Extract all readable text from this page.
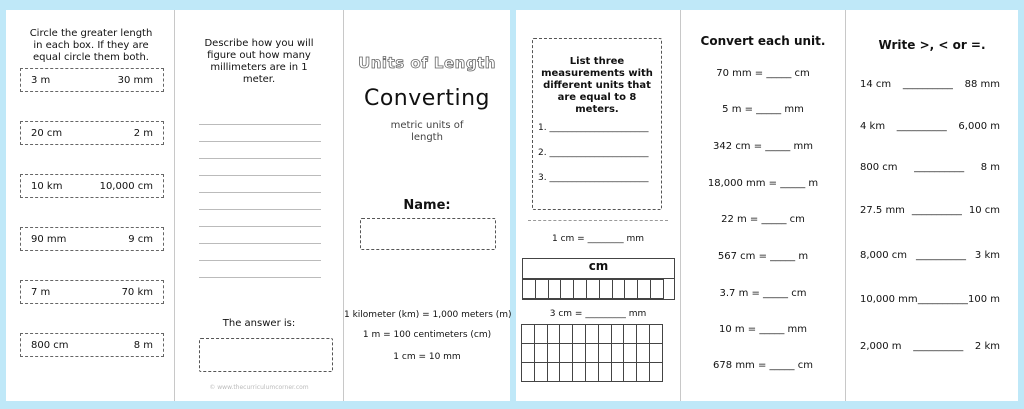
Circle the greater length in each box. If they are equal circle them both.
3 m	30 mm
20 cm	2 m
10 km	10,000 cm
90 mm	9 cm
7 m	70 km
800 cm	8 m
Describe how you will figure out how many millimeters are in 1 meter.
The answer is:
© www.thecurriculumcorner.com
Units of Length
Converting
metric units of length
Name:
1 kilometer (km) = 1,000 meters (m)
1 m = 100 centimeters (cm)
1 cm = 10 mm
List three measurements with different units that are equal to 8 meters.
1. ______________________
2. ______________________
3. ______________________
1 cm = ________ mm
cm
3 cm = _________ mm
Convert each unit.
70 mm = _____ cm
5 m = _____ mm
342 cm = _____ mm
18,000 mm = _____ m
22 m = _____ cm
567 cm = _____ m
3.7 m = _____ cm
10 m = _____ mm
678 mm = _____ cm
Write >, < or =.
14 cm __________ 88 mm
4 km __________ 6,000 m
800 cm __________ 8 m
27.5 mm __________ 10 cm
8,000 cm __________ 3 km
10,000 mm __________ 100 m
2,000 m __________ 2 km
